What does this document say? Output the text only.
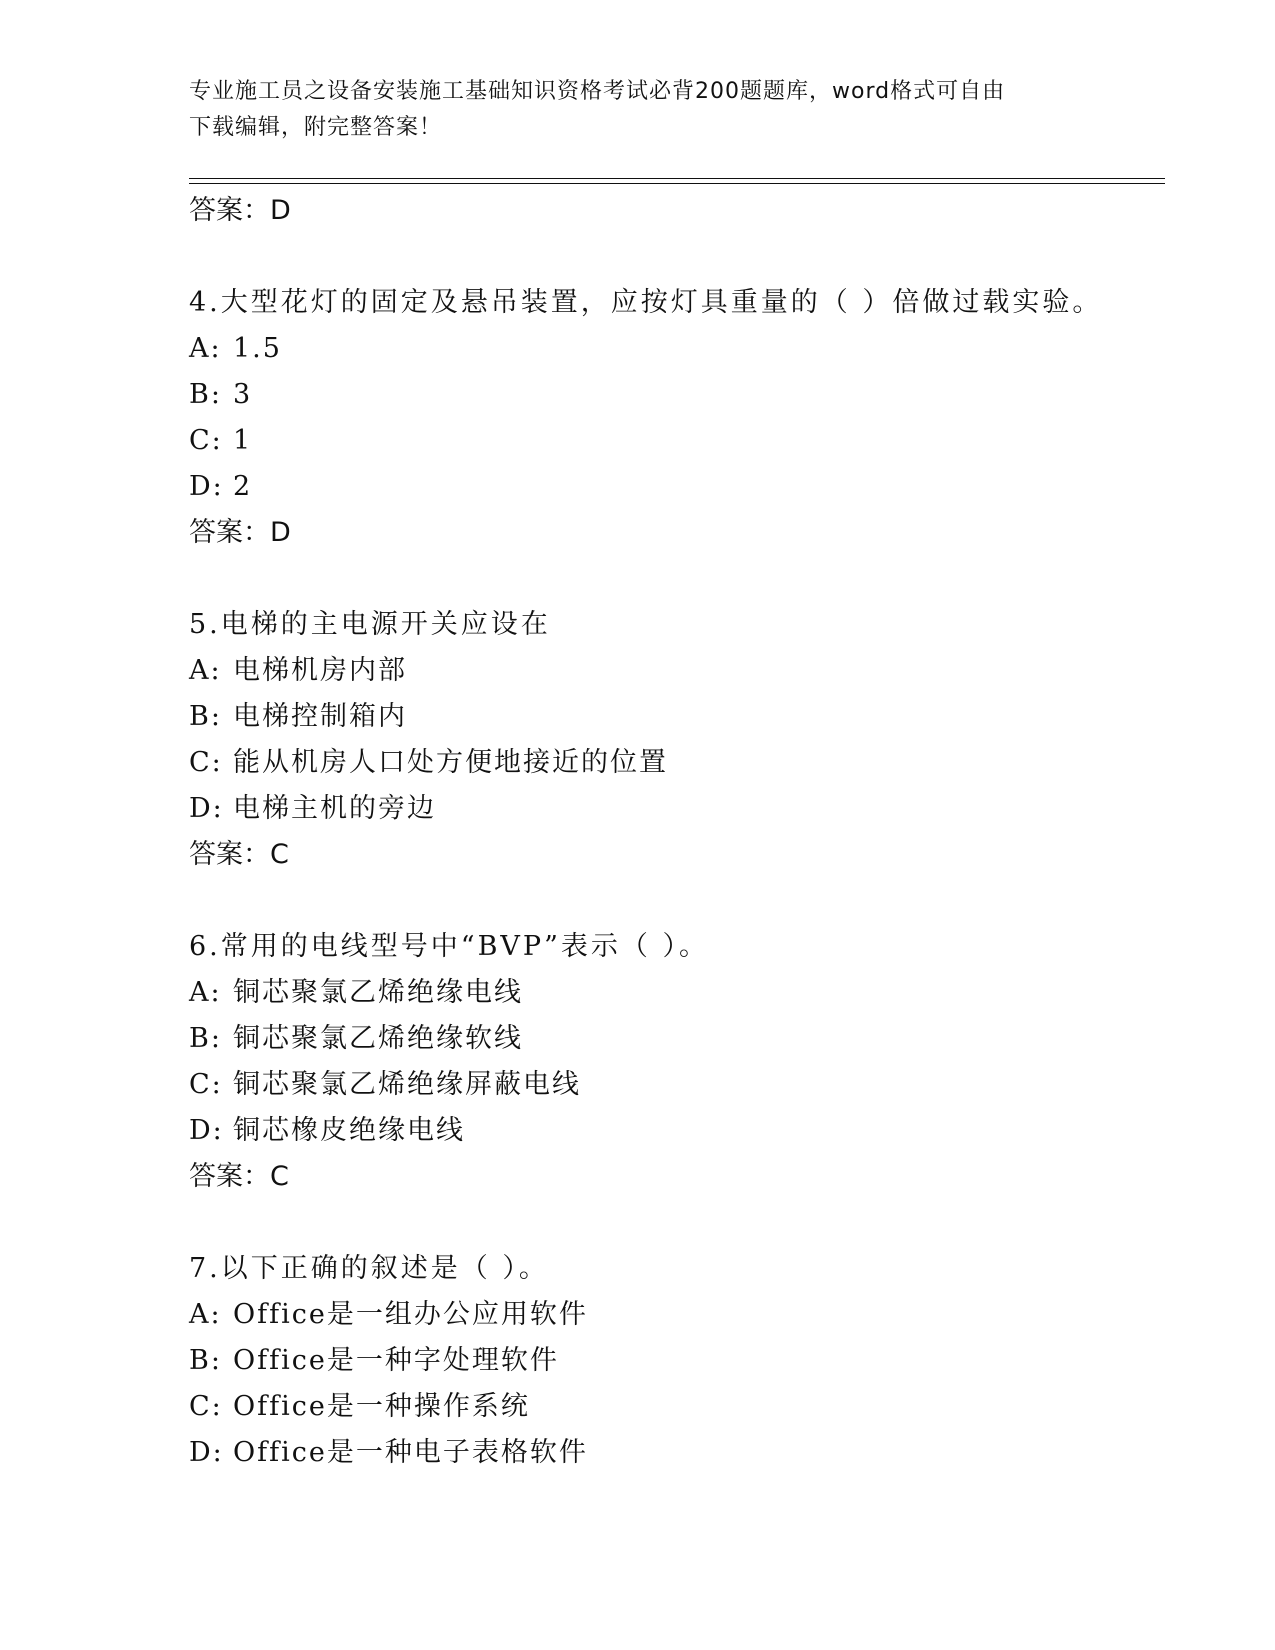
专业施工员之设备安装施工基础知识资格考试必背200题题库，word格式可自由
下载编辑，附完整答案！
答案：D
4.大型花灯的固定及悬吊装置，应按灯具重量的（ ）倍做过载实验。
A: 1.5
B: 3
C: 1
D: 2
答案：D
5.电梯的主电源开关应设在
A: 电梯机房内部
B: 电梯控制箱内
C: 能从机房人口处方便地接近的位置
D: 电梯主机的旁边
答案：C
6.常用的电线型号中“BVP”表示（ ）。
A: 铜芯聚氯乙烯绝缘电线
B: 铜芯聚氯乙烯绝缘软线
C: 铜芯聚氯乙烯绝缘屏蔽电线
D: 铜芯橡皮绝缘电线
答案：C
7.以下正确的叙述是（ ）。
A: Office是一组办公应用软件
B: Office是一种字处理软件
C: Office是一种操作系统
D: Office是一种电子表格软件
